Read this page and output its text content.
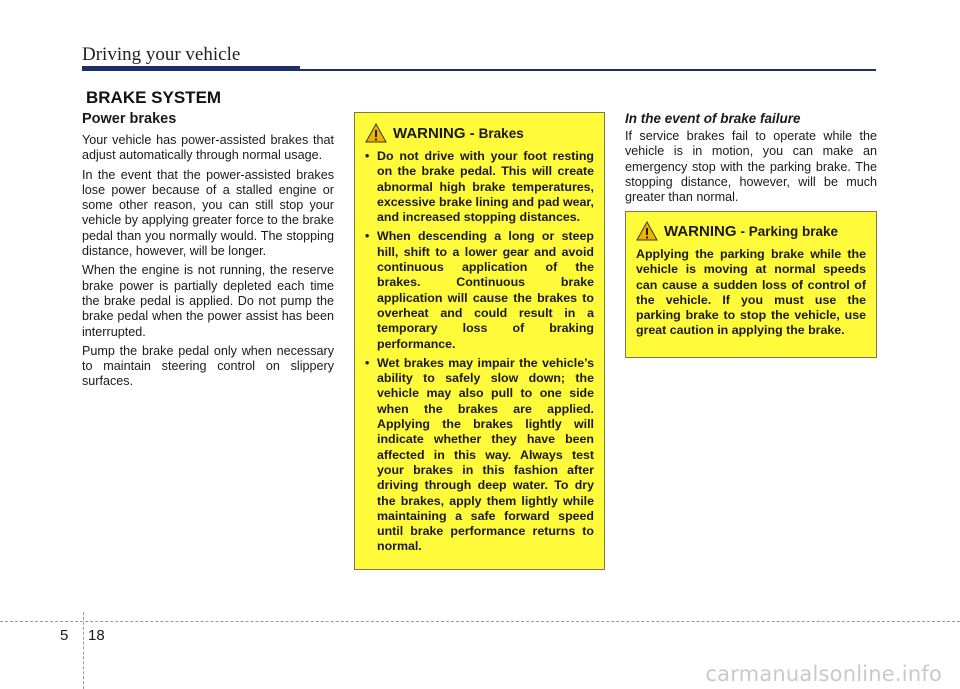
Driving your vehicle
BRAKE SYSTEM

Power brakes

Your vehicle has power-assisted brakes that adjust automatically through normal usage.

In the event that the power-assisted brakes lose power because of a stalled engine or some other reason, you can still stop your vehicle by applying greater force to the brake pedal than you normally would. The stopping distance, however, will be longer.

When the engine is not running, the reserve brake power is partially depleted each time the brake pedal is applied. Do not pump the brake pedal when the power assist has been interrupted.

Pump the brake pedal only when necessary to maintain steering control on slippery surfaces.

WARNING - Brakes
• Do not drive with your foot resting on the brake pedal. This will create abnormal high brake temperatures, excessive brake lining and pad wear, and increased stopping distances.
• When descending a long or steep hill, shift to a lower gear and avoid continuous application of the brakes. Continuous brake application will cause the brakes to overheat and could result in a temporary loss of braking performance.
• Wet brakes may impair the vehicle’s ability to safely slow down; the vehicle may also pull to one side when the brakes are applied. Applying the brakes lightly will indicate whether they have been affected in this way. Always test your brakes in this fashion after driving through deep water. To dry the brakes, apply them lightly while maintaining a safe forward speed until brake performance returns to normal.

In the event of brake failure

If service brakes fail to operate while the vehicle is in motion, you can make an emergency stop with the parking brake. The stopping distance, however, will be much greater than normal.

WARNING - Parking brake

Applying the parking brake while the vehicle is moving at normal speeds can cause a sudden loss of control of the vehicle. If you must use the parking brake to stop the vehicle, use great caution in applying the brake.

5 18
carmanualsonline.info
